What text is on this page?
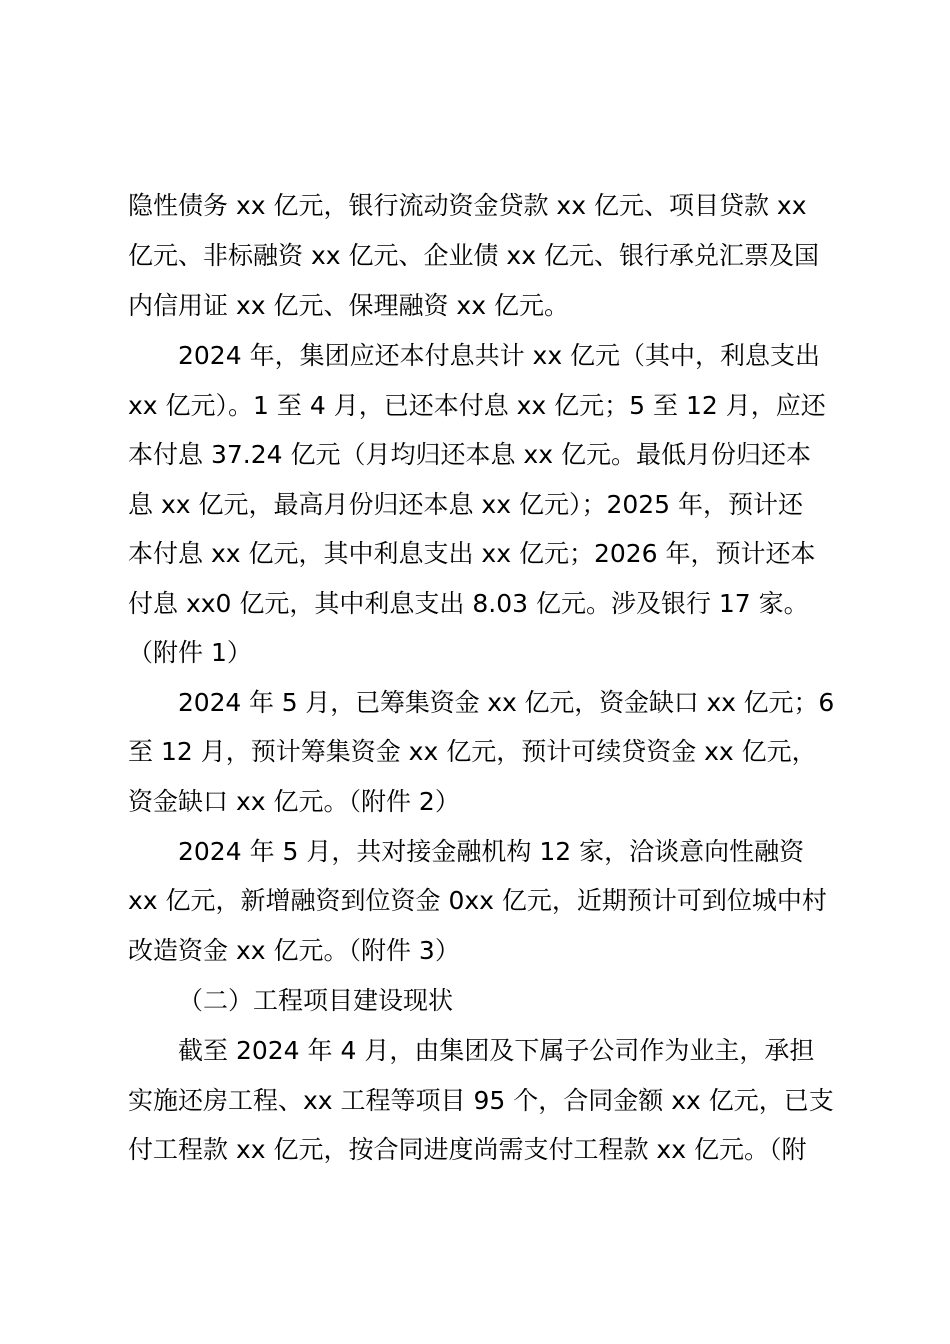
隐性债务 xx 亿元，银行流动资金贷款 xx 亿元、项目贷款 xx
亿元、非标融资 xx 亿元、企业债 xx 亿元、银行承兑汇票及国
内信用证 xx 亿元、保理融资 xx 亿元。
2024 年，集团应还本付息共计 xx 亿元（其中，利息支出
xx 亿元）。1 至 4 月，已还本付息 xx 亿元；5 至 12 月，应还
本付息 37.24 亿元（月均归还本息 xx 亿元。最低月份归还本
息 xx 亿元，最高月份归还本息 xx 亿元）；2025 年，预计还
本付息 xx 亿元，其中利息支出 xx 亿元；2026 年，预计还本
付息 xx0 亿元，其中利息支出 8.03 亿元。涉及银行 17 家。
（附件 1）
2024 年 5 月，已筹集资金 xx 亿元，资金缺口 xx 亿元；6
至 12 月，预计筹集资金 xx 亿元，预计可续贷资金 xx 亿元，
资金缺口 xx 亿元。（附件 2）
2024 年 5 月，共对接金融机构 12 家，洽谈意向性融资
xx 亿元，新增融资到位资金 0xx 亿元，近期预计可到位城中村
改造资金 xx 亿元。（附件 3）
（二）工程项目建设现状
截至 2024 年 4 月，由集团及下属子公司作为业主，承担
实施还房工程、xx 工程等项目 95 个，合同金额 xx 亿元，已支
付工程款 xx 亿元，按合同进度尚需支付工程款 xx 亿元。（附
